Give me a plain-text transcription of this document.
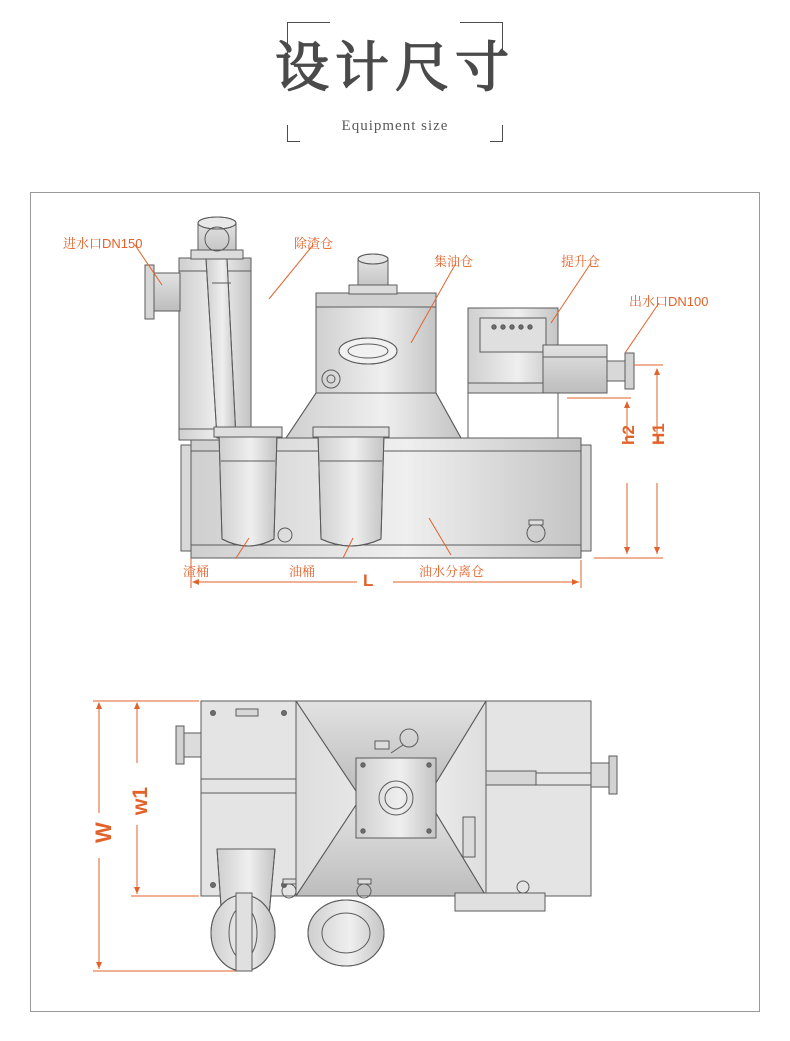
设计尺寸
Equipment size
进水口DN150	除渣仓
集油仓	提升仓
出水口DN100
渣桶	油桶	油水分离仓
H1
h2
L
W
w1
